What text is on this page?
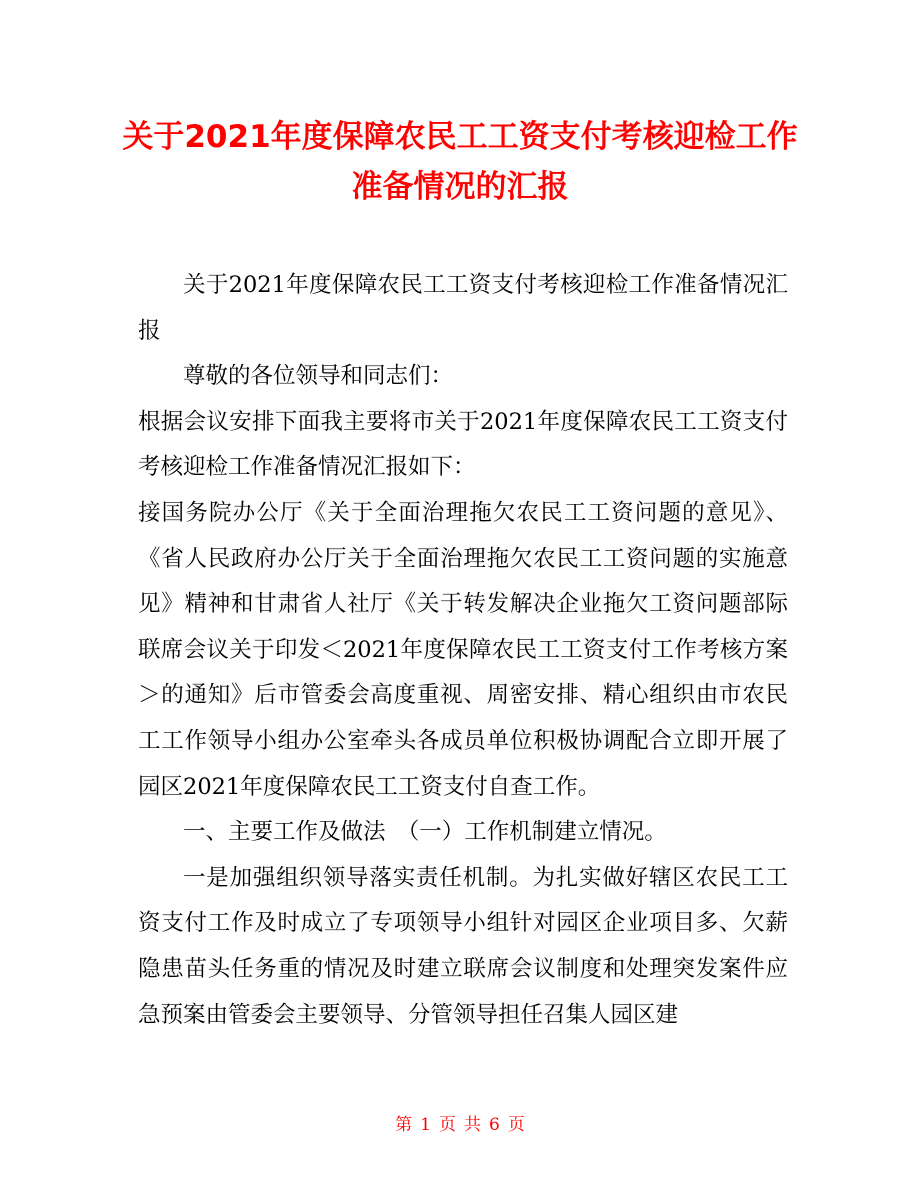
关于2021年度保障农民工工资支付考核迎检工作准备情况的汇报

关于2021年度保障农民工工资支付考核迎检工作准备情况汇报

尊敬的各位领导和同志们：

根据会议安排下面我主要将市关于2021年度保障农民工工资支付考核迎检工作准备情况汇报如下：

接国务院办公厅《关于全面治理拖欠农民工工资问题的意见》、《省人民政府办公厅关于全面治理拖欠农民工工资问题的实施意见》精神和甘肃省人社厅《关于转发解决企业拖欠工资问题部际联席会议关于印发＜2021年度保障农民工工资支付工作考核方案＞的通知》后市管委会高度重视、周密安排、精心组织由市农民工工作领导小组办公室牵头各成员单位积极协调配合立即开展了园区2021年度保障农民工工资支付自查工作。

一、主要工作及做法　（一）工作机制建立情况。

一是加强组织领导落实责任机制。为扎实做好辖区农民工工资支付工作及时成立了专项领导小组针对园区企业项目多、欠薪隐患苗头任务重的情况及时建立联席会议制度和处理突发案件应急预案由管委会主要领导、分管领导担任召集人园区建

第 1 页 共 6 页
